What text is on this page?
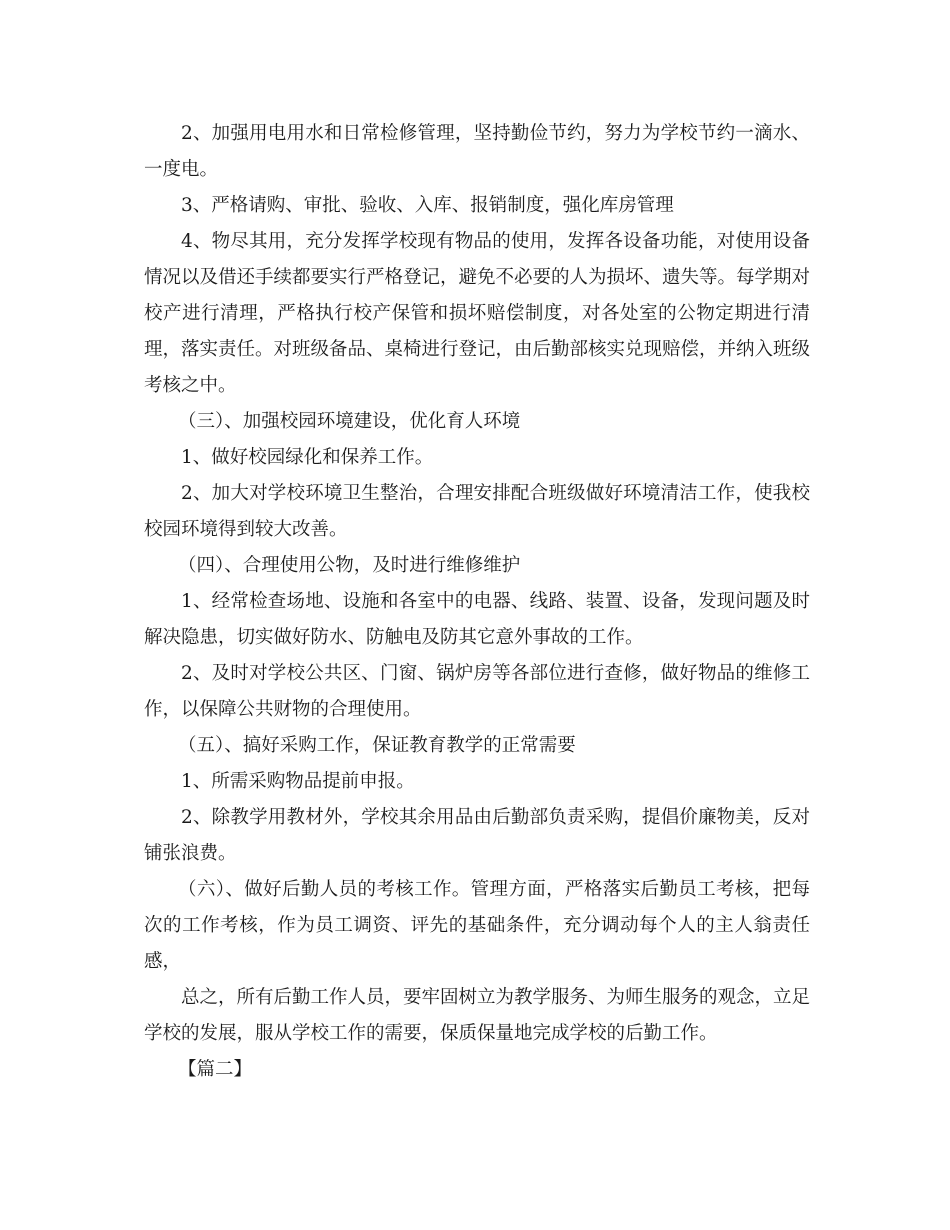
2、加强用电用水和日常检修管理，坚持勤俭节约，努力为学校节约一滴水、一度电。

3、严格请购、审批、验收、入库、报销制度，强化库房管理

4、物尽其用，充分发挥学校现有物品的使用，发挥各设备功能，对使用设备情况以及借还手续都要实行严格登记，避免不必要的人为损坏、遗失等。每学期对校产进行清理，严格执行校产保管和损坏赔偿制度，对各处室的公物定期进行清理，落实责任。对班级备品、桌椅进行登记，由后勤部核实兑现赔偿，并纳入班级考核之中。

（三）、加强校园环境建设，优化育人环境

1、做好校园绿化和保养工作。

2、加大对学校环境卫生整治，合理安排配合班级做好环境清洁工作，使我校校园环境得到较大改善。

（四）、合理使用公物，及时进行维修维护

1、经常检查场地、设施和各室中的电器、线路、装置、设备，发现问题及时解决隐患，切实做好防水、防触电及防其它意外事故的工作。

2、及时对学校公共区、门窗、锅炉房等各部位进行查修，做好物品的维修工作，以保障公共财物的合理使用。

（五）、搞好采购工作，保证教育教学的正常需要

1、所需采购物品提前申报。

2、除教学用教材外，学校其余用品由后勤部负责采购，提倡价廉物美，反对铺张浪费。

（六）、做好后勤人员的考核工作。管理方面，严格落实后勤员工考核，把每次的工作考核，作为员工调资、评先的基础条件，充分调动每个人的主人翁责任感，

总之，所有后勤工作人员，要牢固树立为教学服务、为师生服务的观念，立足学校的发展，服从学校工作的需要，保质保量地完成学校的后勤工作。

【篇二】
